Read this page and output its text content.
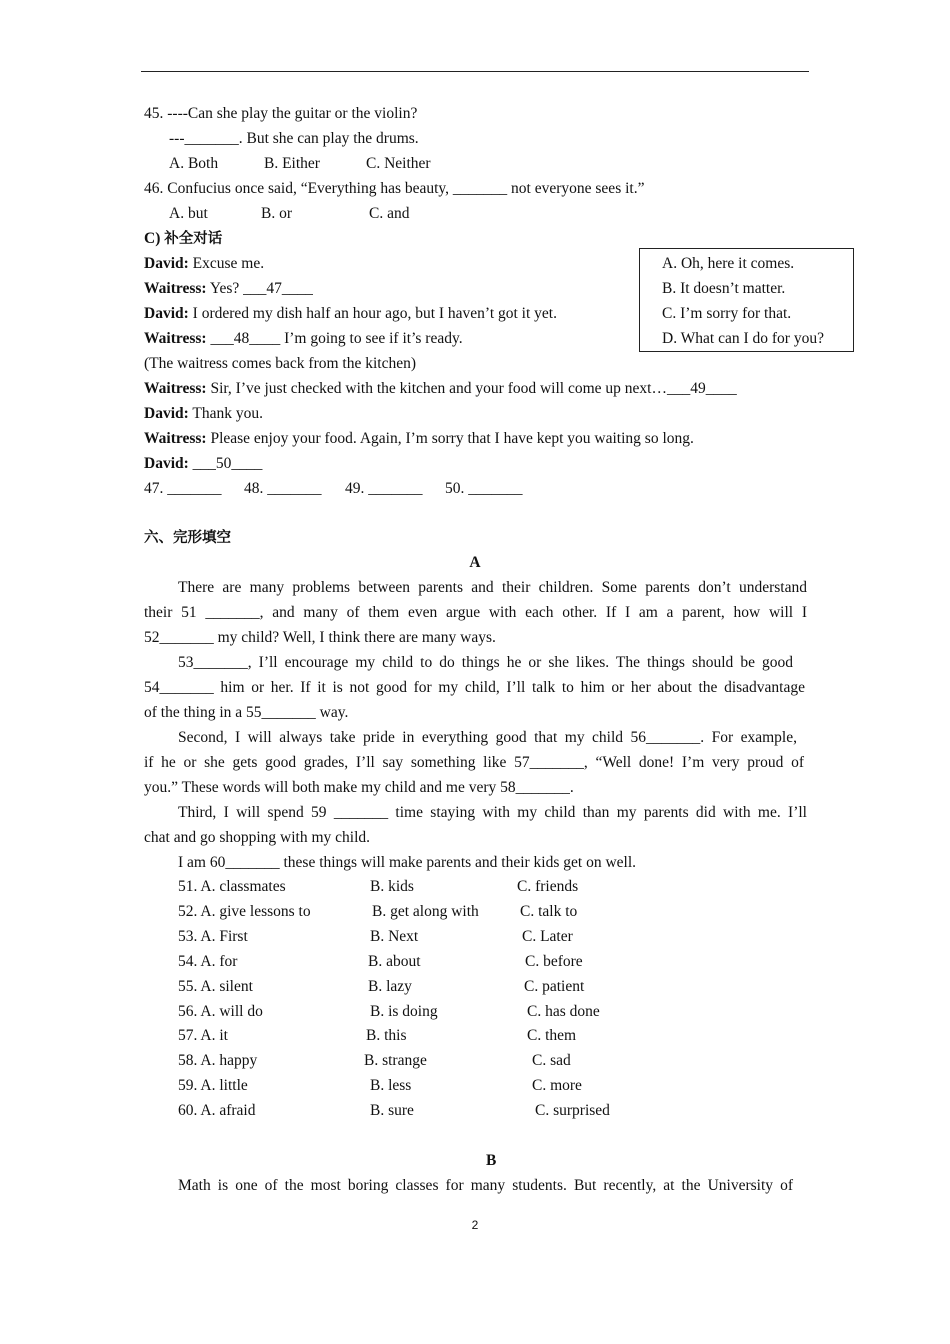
45. ----Can she play the guitar or the violin?
---_______. But she can play the drums.
A. Both	B. Either	C. Neither
46. Confucius once said, “Everything has beauty, _______ not everyone sees it.”
A. but	B. or	C. and
C) 补全对话
David: Excuse me.
Waitress: Yes? ___47____
David: I ordered my dish half an hour ago, but I haven’t got it yet.
Waitress: ___48____ I’m going to see if it’s ready.
(The waitress comes back from the kitchen)
Waitress: Sir, I’ve just checked with the kitchen and your food will come up next…___49____
David: Thank you.
Waitress: Please enjoy your food. Again, I’m sorry that I have kept you waiting so long.
David: ___50____
A. Oh, here it comes.
B. It doesn’t matter.
C. I’m sorry for that.
D. What can I do for you?
47. _______ 48. _______ 49. _______ 50. _______
六、完形填空
A
There are many problems between parents and their children. Some parents don’t understand
their 51 _______, and many of them even argue with each other. If I am a parent, how will I
52_______ my child? Well, I think there are many ways.
53_______, I’ll encourage my child to do things he or she likes. The things should be good
54_______ him or her. If it is not good for my child, I’ll talk to him or her about the disadvantage
of the thing in a 55_______ way.
Second, I will always take pride in everything good that my child 56_______. For example,
if he or she gets good grades, I’ll say something like 57_______, “Well done! I’m very proud of
you.” These words will both make my child and me very 58_______.
Third, I will spend 59 _______ time staying with my child than my parents did with me. I’ll
chat and go shopping with my child.
I am 60_______ these things will make parents and their kids get on well.
51. A. classmates	B. kids	C. friends
52. A. give lessons to	B. get along with	C. talk to
53. A. First	B. Next	C. Later
54. A. for	B. about	C. before
55. A. silent	B. lazy	C. patient
56. A. will do	B. is doing	C. has done
57. A. it	B. this	C. them
58. A. happy	B. strange	C. sad
59. A. little	B. less	C. more
60. A. afraid	B. sure	C. surprised
B
Math is one of the most boring classes for many students. But recently, at the University of
2
